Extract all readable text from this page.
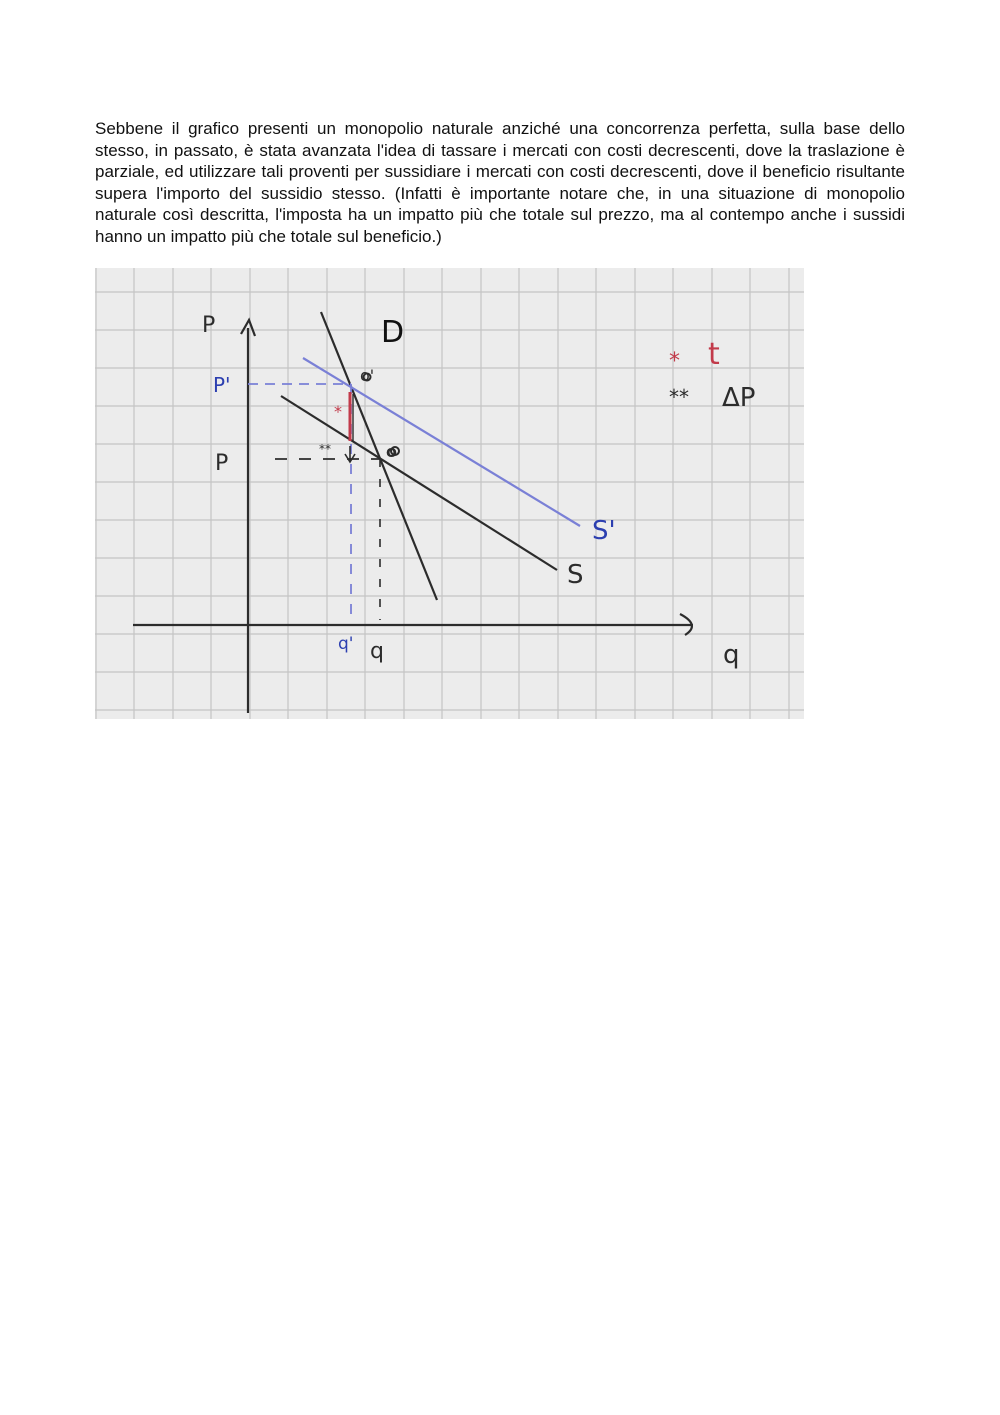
Sebbene il grafico presenti un monopolio naturale anziché una concorrenza perfetta, sulla base dello stesso, in passato, è stata avanzata l'idea di tassare i mercati con costi decrescenti, dove la traslazione è parziale, ed utilizzare tali proventi per sussidiare i mercati con costi decrescenti, dove il beneficio risultante supera l'importo del sussidio stesso. (Infatti è importante notare che, in una situazione di monopolio naturale così descritta, l'imposta ha un impatto più che totale sul prezzo, ma al contempo anche i sussidi hanno un impatto più che totale sul beneficio.)

P
q
D
S
S'
P'
P
q' q
o
o'
*
**
* t
** ΔP
